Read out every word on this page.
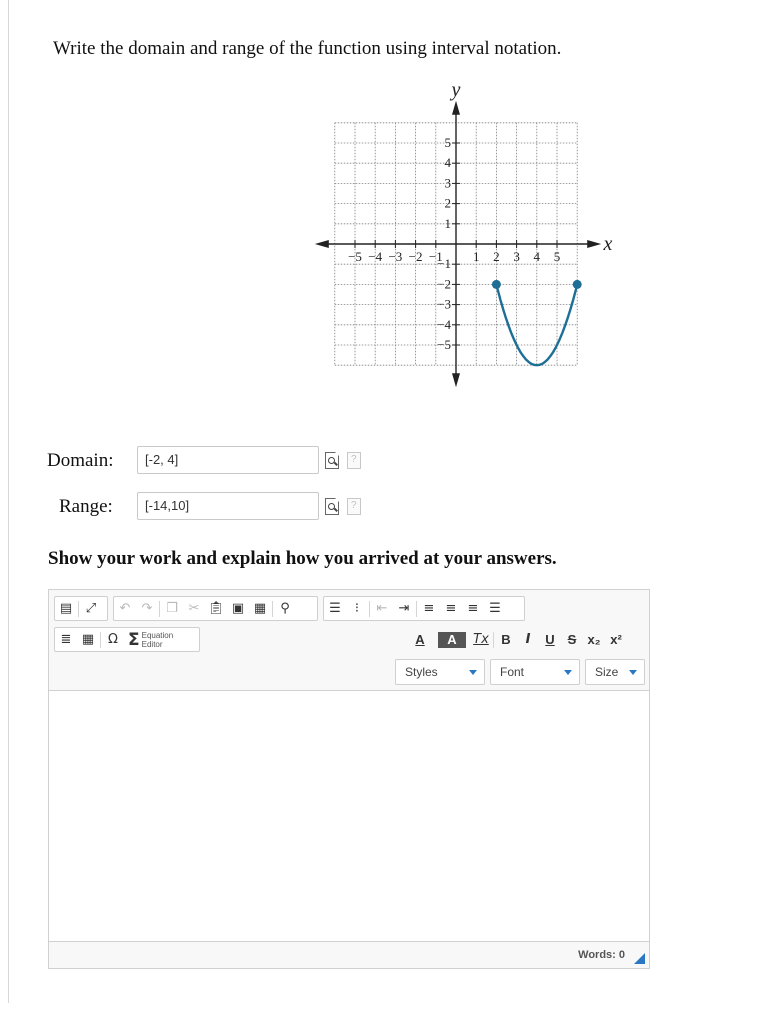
Write the domain and range of the function using interval notation.
y
x
−5 −4 −3 −2 −1 1 2 3 4 5
5
4
3
2
1
−1
−2
−3
−4
−5
Domain:	[-2, 4]	?
Range:	[-14,10]	?
Show your work and explain how you arrived at your answers.
▤	⤢	↶ ↷	❐ ✂ 📋︎ ▣ ▦	⚲	☰	⁝	⇤ ⇥	≡ ≡ ≡ ☰
≣ ▦	Ω Σ Equation
Editor	A	A	Tx B	I	U S x₂ x²
Styles	Font	Size
Words: 0
